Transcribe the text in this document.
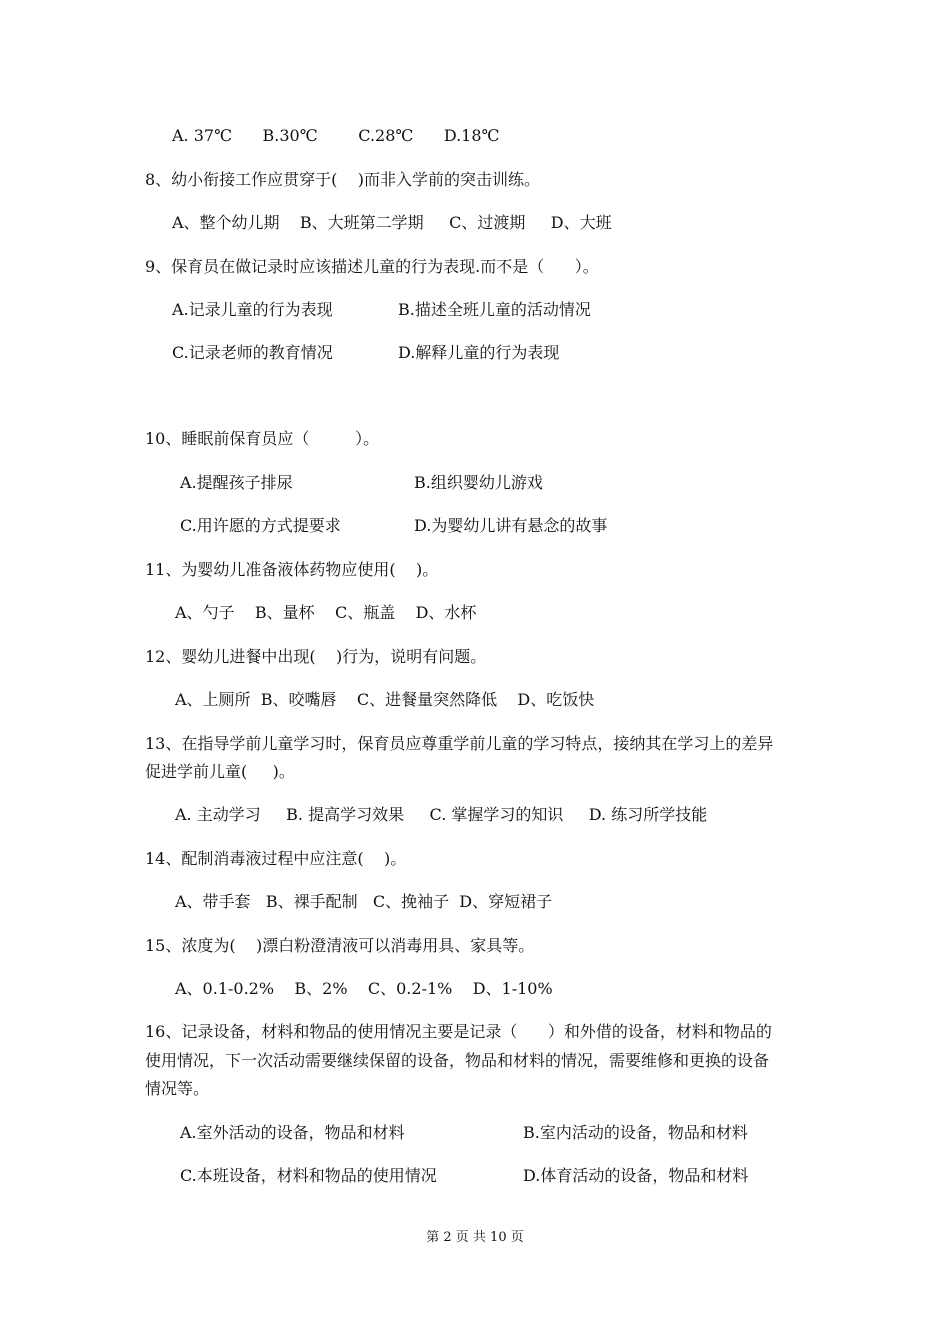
A. 37℃      B.30℃        C.28℃      D.18℃
8、幼小衔接工作应贯穿于(    )而非入学前的突击训练。
A、整个幼儿期    B、大班第二学期     C、过渡期     D、大班
9、保育员在做记录时应该描述儿童的行为表现.而不是（      ）。
A.记录儿童的行为表现	B.描述全班儿童的活动情况
C.记录老师的教育情况	D.解释儿童的行为表现
10、睡眠前保育员应（         ）。
A.提醒孩子排尿	B.组织婴幼儿游戏
C.用许愿的方式提要求	D.为婴幼儿讲有悬念的故事
11、为婴幼儿准备液体药物应使用(    )。
A、勺子    B、量杯    C、瓶盖    D、水杯
12、婴幼儿进餐中出现(    )行为，说明有问题。
A、上厕所  B、咬嘴唇    C、进餐量突然降低    D、吃饭快
13、在指导学前儿童学习时，保育员应尊重学前儿童的学习特点，接纳其在学习上的差异
促进学前儿童(     )。
A. 主动学习     B. 提高学习效果     C. 掌握学习的知识     D. 练习所学技能
14、配制消毒液过程中应注意(    )。
A、带手套   B、裸手配制   C、挽袖子  D、穿短裙子
15、浓度为(    )漂白粉澄清液可以消毒用具、家具等。
A、0.1-0.2%    B、2%    C、0.2-1%    D、1-10%
16、记录设备，材料和物品的使用情况主要是记录（      ）和外借的设备，材料和物品的
使用情况，下一次活动需要继续保留的设备，物品和材料的情况，需要维修和更换的设备
情况等。
A.室外活动的设备，物品和材料	B.室内活动的设备，物品和材料
C.本班设备，材料和物品的使用情况	D.体育活动的设备，物品和材料
第 2 页 共 10 页
